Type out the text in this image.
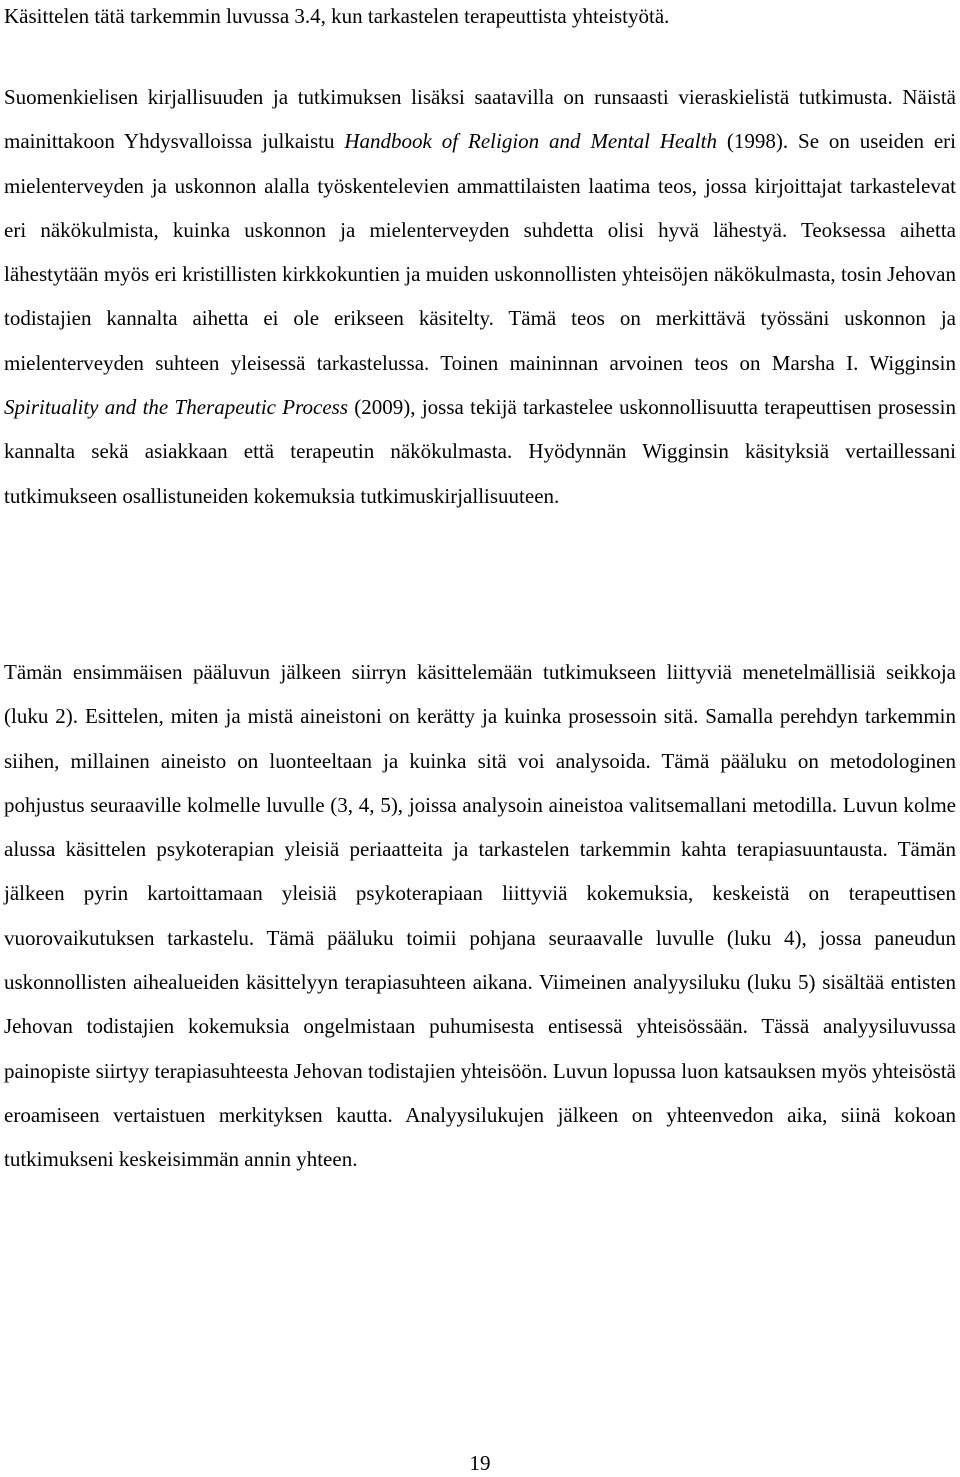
Käsittelen tätä tarkemmin luvussa 3.4, kun tarkastelen terapeuttista yhteistyötä.

Suomenkielisen kirjallisuuden ja tutkimuksen lisäksi saatavilla on runsaasti vieraskielistä tutkimusta. Näistä mainittakoon Yhdysvalloissa julkaistu Handbook of Religion and Mental Health (1998). Se on useiden eri mielenterveyden ja uskonnon alalla työskentelevien ammattilaisten laatima teos, jossa kirjoittajat tarkastelevat eri näkökulmista, kuinka uskonnon ja mielenterveyden suhdetta olisi hyvä lähestyä. Teoksessa aihetta lähestytään myös eri kristillisten kirkkokuntien ja muiden uskonnollisten yhteisöjen näkökulmasta, tosin Jehovan todistajien kannalta aihetta ei ole erikseen käsitelty. Tämä teos on merkittävä työssäni uskonnon ja mielenterveyden suhteen yleisessä tarkastelussa. Toinen maininnan arvoinen teos on Marsha I. Wigginsin Spirituality and the Therapeutic Process (2009), jossa tekijä tarkastelee uskonnollisuutta terapeuttisen prosessin kannalta sekä asiakkaan että terapeutin näkökulmasta. Hyödynnän Wigginsin käsityksiä vertaillessani tutkimukseen osallistuneiden kokemuksia tutkimuskirjallisuuteen.

Tämän ensimmäisen pääluvun jälkeen siirryn käsittelemään tutkimukseen liittyviä menetelmällisiä seikkoja (luku 2). Esittelen, miten ja mistä aineistoni on kerätty ja kuinka prosessoin sitä. Samalla perehdyn tarkemmin siihen, millainen aineisto on luonteeltaan ja kuinka sitä voi analysoida. Tämä pääluku on metodologinen pohjustus seuraaville kolmelle luvulle (3, 4, 5), joissa analysoin aineistoa valitsemallani metodilla. Luvun kolme alussa käsittelen psykoterapian yleisiä periaatteita ja tarkastelen tarkemmin kahta terapiasuuntausta. Tämän jälkeen pyrin kartoittamaan yleisiä psykoterapiaan liittyviä kokemuksia, keskeistä on terapeuttisen vuorovaikutuksen tarkastelu. Tämä pääluku toimii pohjana seuraavalle luvulle (luku 4), jossa paneudun uskonnollisten aihealueiden käsittelyyn terapiasuhteen aikana. Viimeinen analyysiluku (luku 5) sisältää entisten Jehovan todistajien kokemuksia ongelmistaan puhumisesta entisessä yhteisössään. Tässä analyysiluvussa painopiste siirtyy terapiasuhteesta Jehovan todistajien yhteisöön. Luvun lopussa luon katsauksen myös yhteisöstä eroamiseen vertaistuen merkityksen kautta. Analyysilukujen jälkeen on yhteenvedon aika, siinä kokoan tutkimukseni keskeisimmän annin yhteen.

19
